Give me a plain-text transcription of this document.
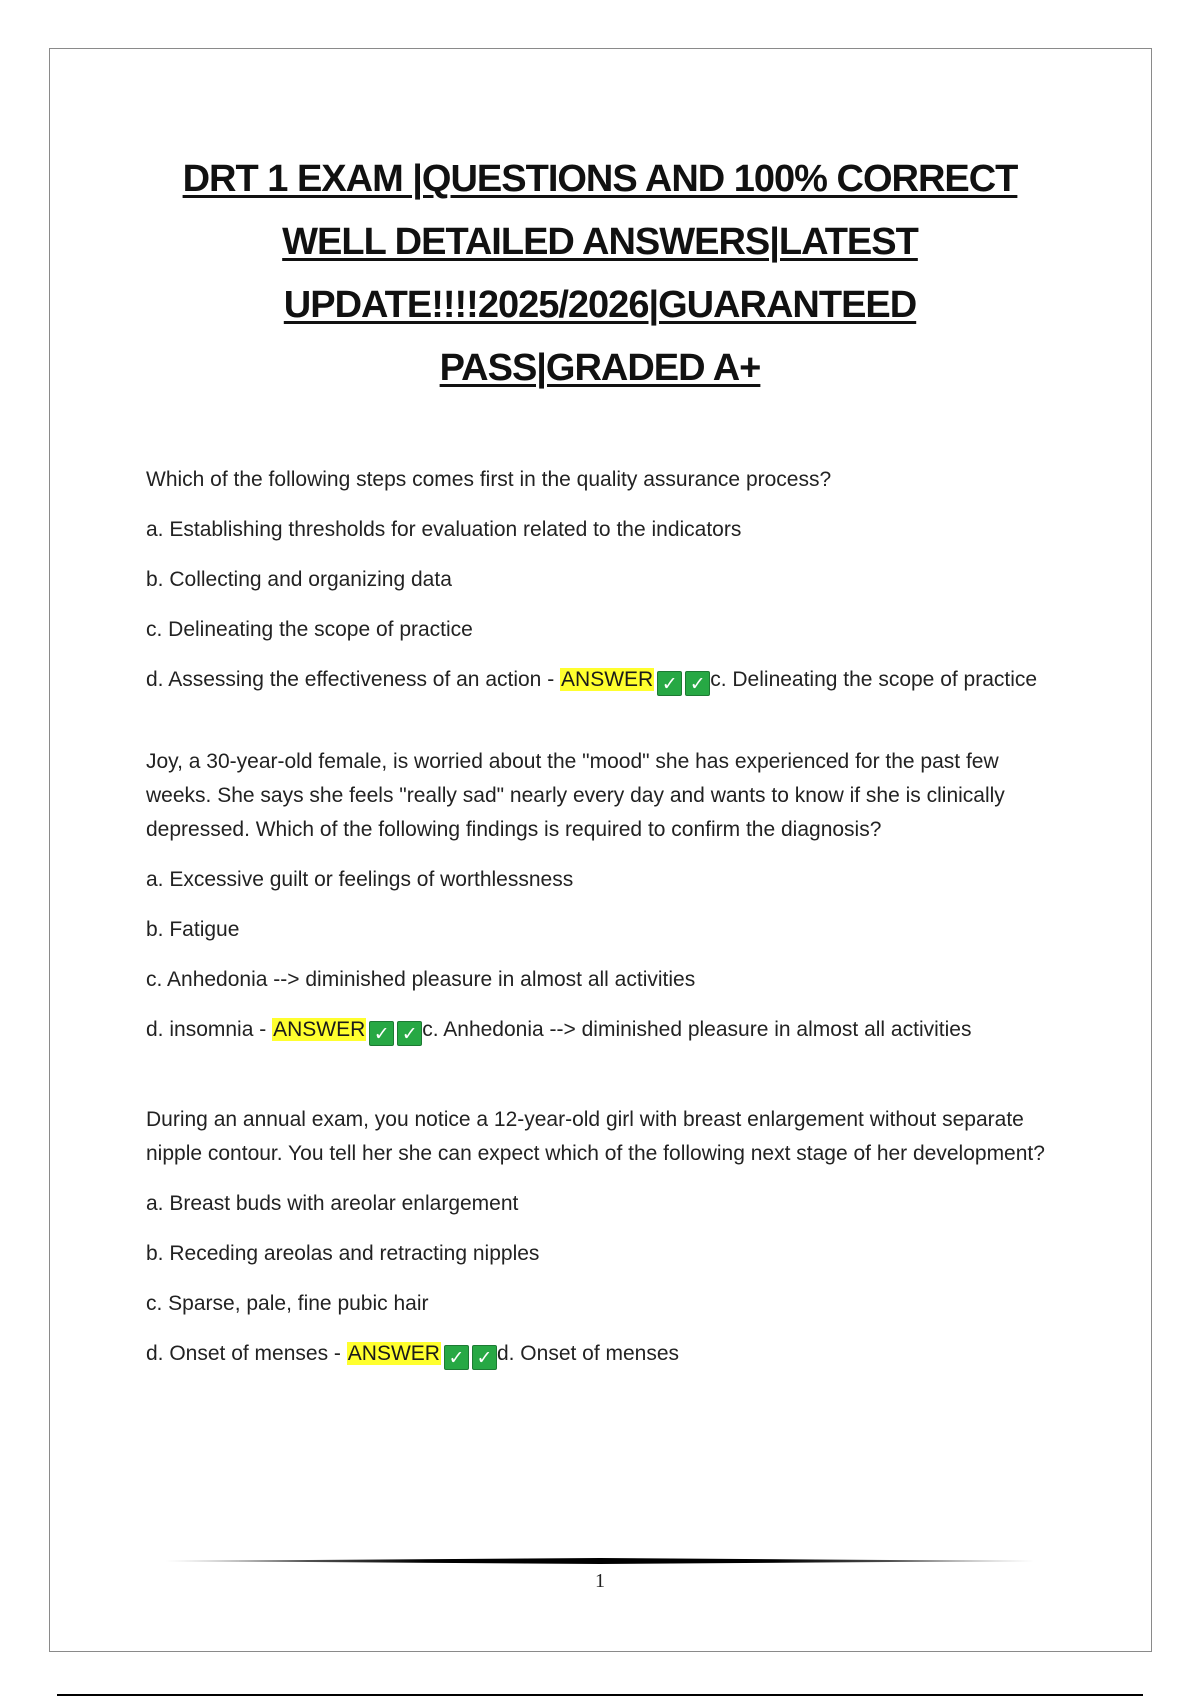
DRT 1 EXAM |QUESTIONS AND 100% CORRECT
WELL DETAILED ANSWERS|LATEST
UPDATE!!!!2025/2026|GUARANTEED
PASS|GRADED A+

Which of the following steps comes first in the quality assurance process?

a. Establishing thresholds for evaluation related to the indicators

b. Collecting and organizing data

c. Delineating the scope of practice

d. Assessing the effectiveness of an action - ANSWER ✓ ✓ c. Delineating the scope of practice

Joy, a 30-year-old female, is worried about the "mood" she has experienced for the past few weeks. She says she feels "really sad" nearly every day and wants to know if she is clinically depressed. Which of the following findings is required to confirm the diagnosis?

a. Excessive guilt or feelings of worthlessness

b. Fatigue

c. Anhedonia --> diminished pleasure in almost all activities

d. insomnia - ANSWER ✓ ✓ c. Anhedonia --> diminished pleasure in almost all activities

During an annual exam, you notice a 12-year-old girl with breast enlargement without separate nipple contour. You tell her she can expect which of the following next stage of her development?

a. Breast buds with areolar enlargement

b. Receding areolas and retracting nipples

c. Sparse, pale, fine pubic hair

d. Onset of menses - ANSWER ✓ ✓ d. Onset of menses

1
